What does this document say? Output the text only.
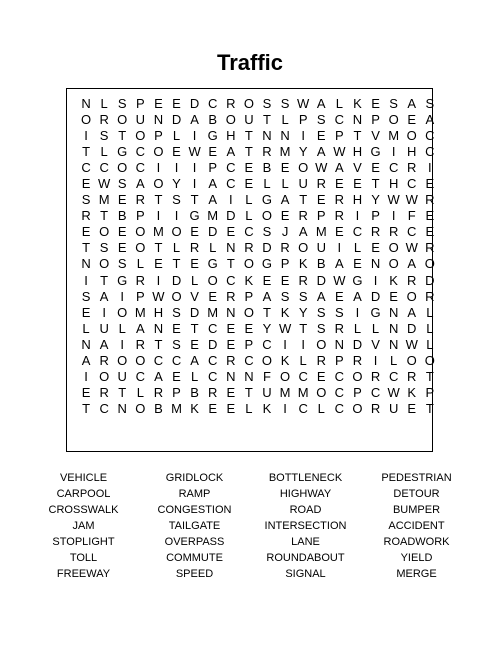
Traffic
N L S P E E D C R O S S W A L K E S A S
O R O U N D A B O U T L P S C N P O E A
I S T O P L I G H T N N I E P T V M O C
T L G C O E W E A T R M Y A W H G I H C
C C O C I	I	I P C E B E O W A V E C R I
E W S A O Y I A C E L L U R E E T H C E
S M E R T S T A I L G A T E R H Y W W R
R T B P I	I G M D L O E R P R I P I F E
E O E O M O E D E C S J A M E C R R C E
T S E O T L R L N R D R O U I L E O W R
N O S L E T E G T O G P K B A E N O A O
I T G R I D L O C K E E R D W G I K R D
S A I P W O V E R P A S S A E A D E O R
E I O M H S D M N O T K Y S S I G N A L
L U L A N E T C E E Y W T S R L L N D L
N A I R T S E D E P C I	I O N D V N W L
A R O O C C A C R C O K L R P R I L O O
I O U C A E L C N N F O C E C O R C R T
E R T L R P B R E T U M M O C P C W K P
T C N O B M K E E L K I C L C O R U E T
VEHICLE	GRIDLOCK	BOTTLENECK	PEDESTRIAN
CARPOOL	RAMP	HIGHWAY	DETOUR
CROSSWALK	CONGESTION	ROAD	BUMPER
JAM	TAILGATE	INTERSECTION	ACCIDENT
STOPLIGHT	OVERPASS	LANE	ROADWORK
TOLL	COMMUTE	ROUNDABOUT	YIELD
FREEWAY	SPEED	SIGNAL	MERGE
